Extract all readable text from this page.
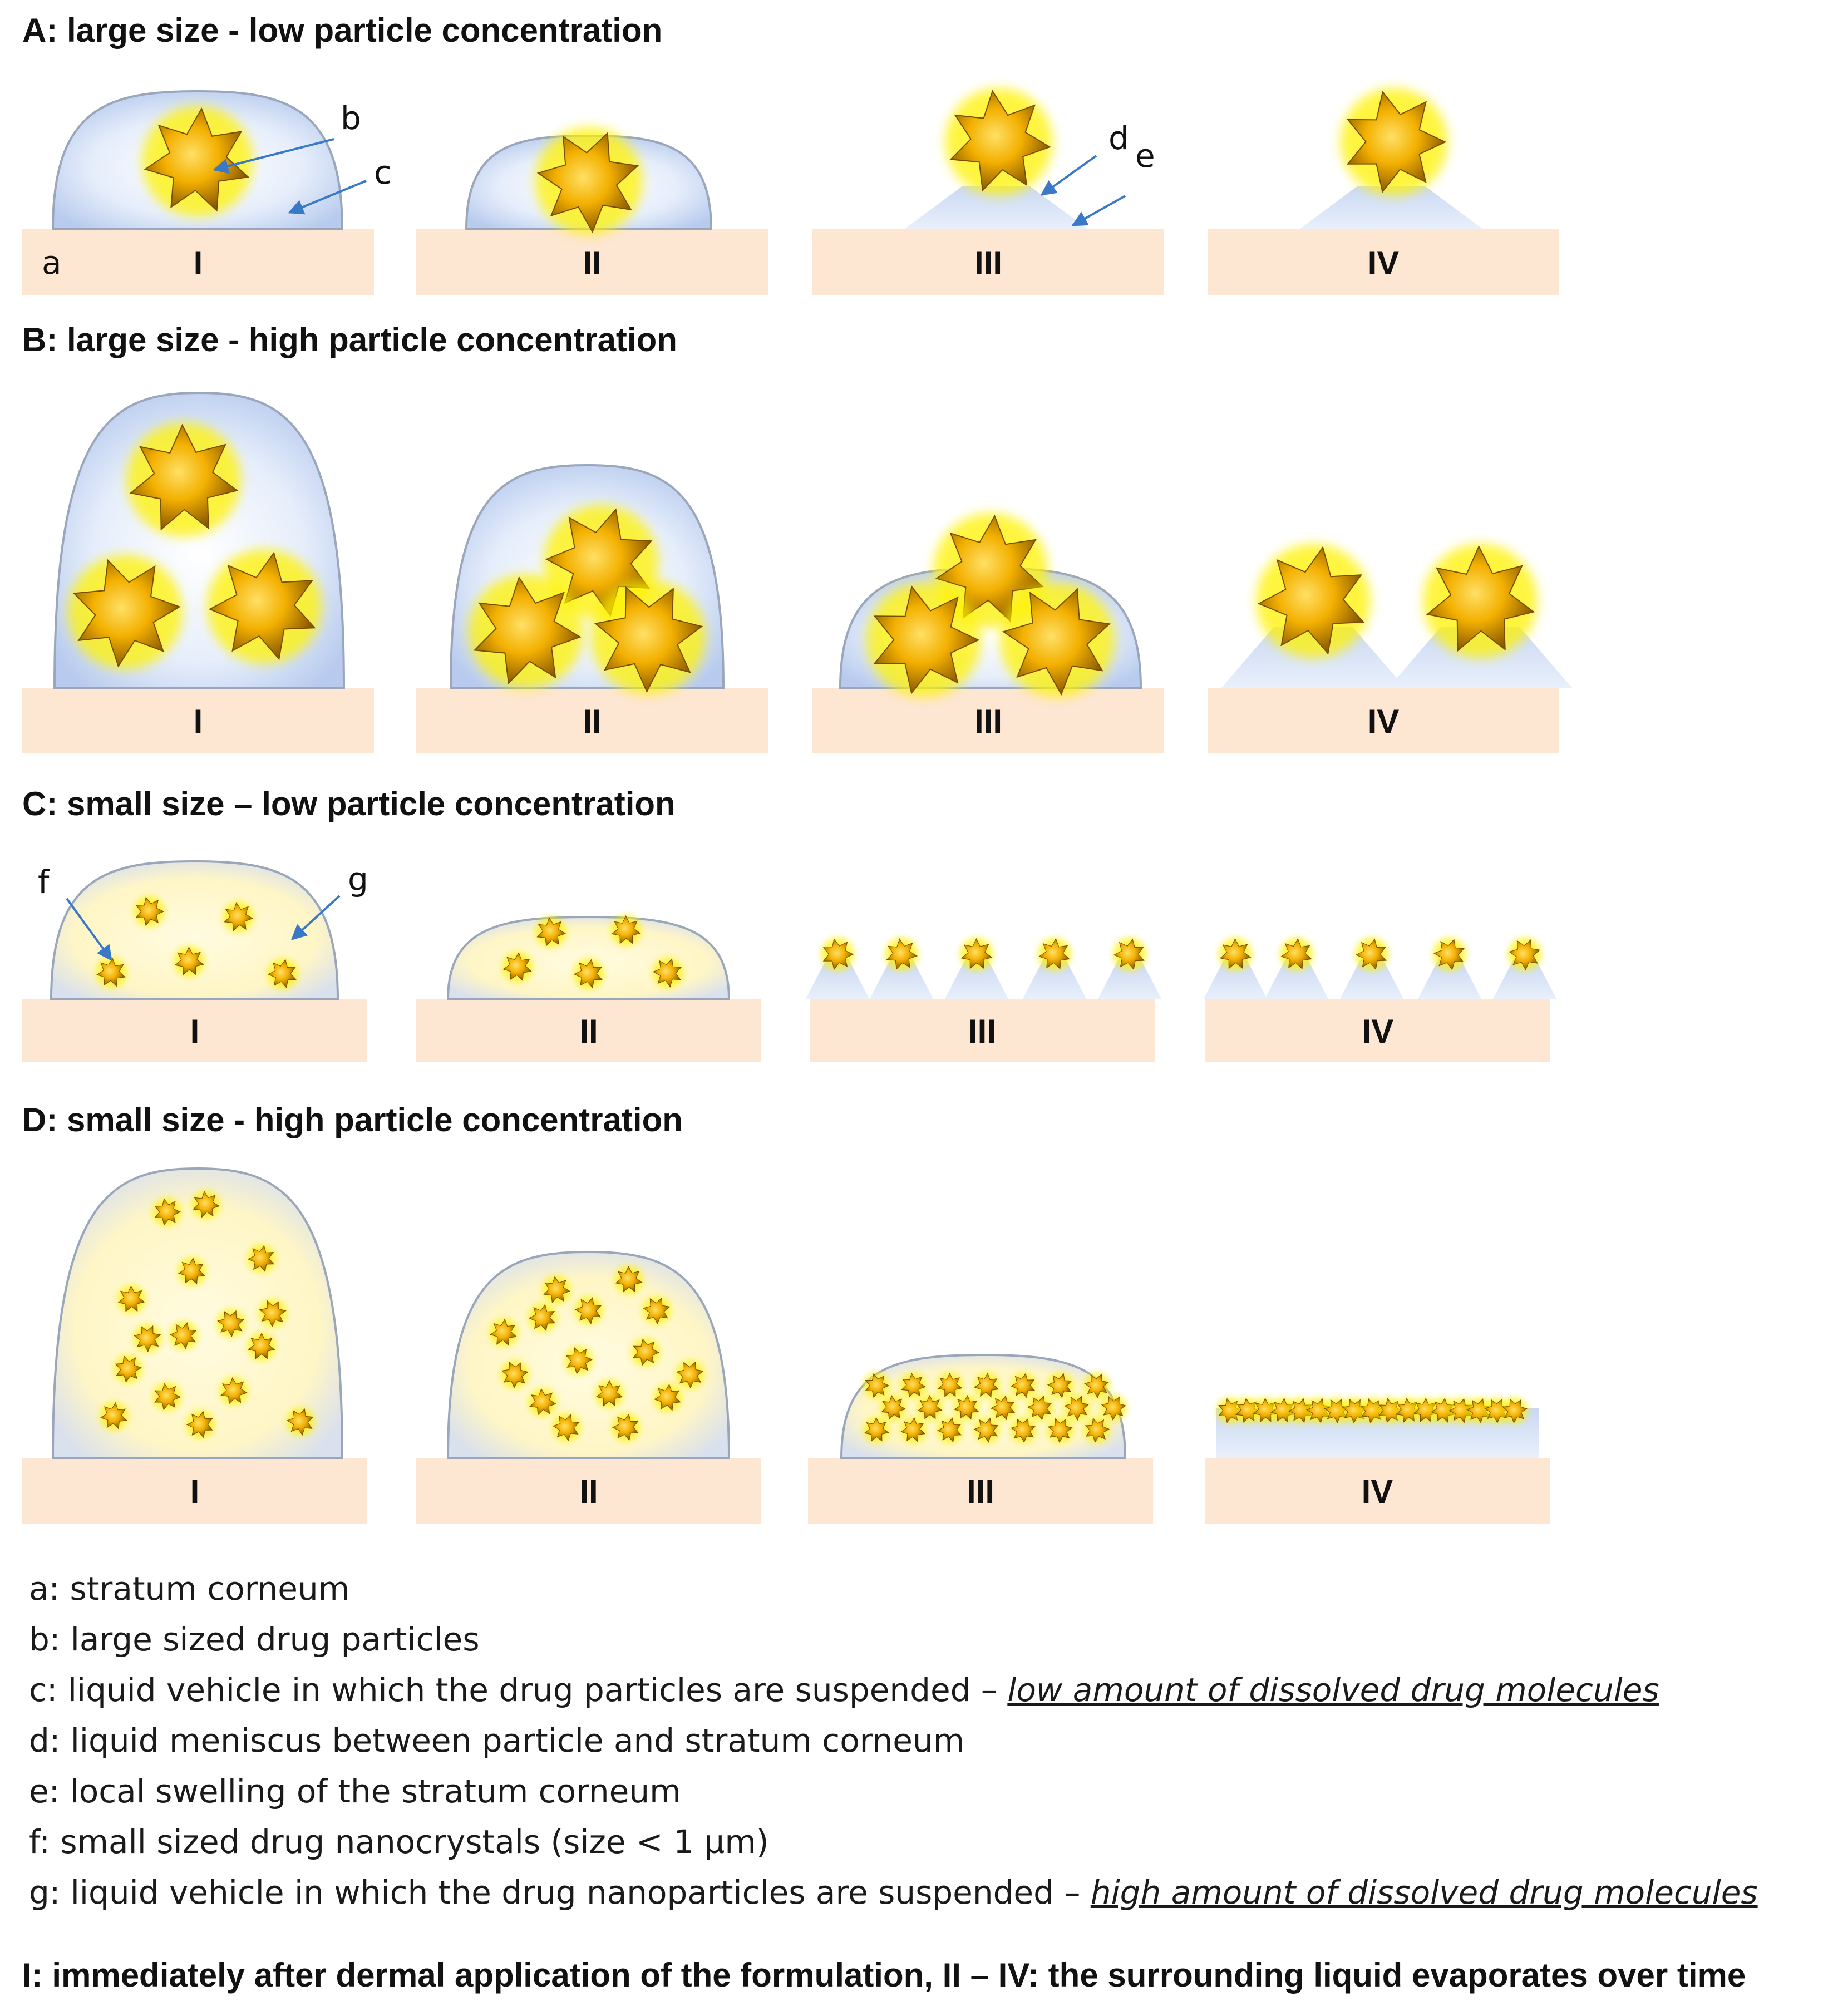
I	II	III	IV
a
b
c
d e
I	II	III	IV
I	II	III	IV
f	g
I	II	III	IV
A: large size - low particle concentration
B: large size - high particle concentration
C: small size – low particle concentration
D: small size - high particle concentration
a: stratum corneum
b: large sized drug particles
c: liquid vehicle in which the drug particles are suspended – low amount of dissolved drug molecules
d: liquid meniscus between particle and stratum corneum
e: local swelling of the stratum corneum
f: small sized drug nanocrystals (size < 1 µm)
g: liquid vehicle in which the drug nanoparticles are suspended – high amount of dissolved drug molecules
I: immediately after dermal application of the formulation, II – IV: the surrounding liquid evaporates over time
